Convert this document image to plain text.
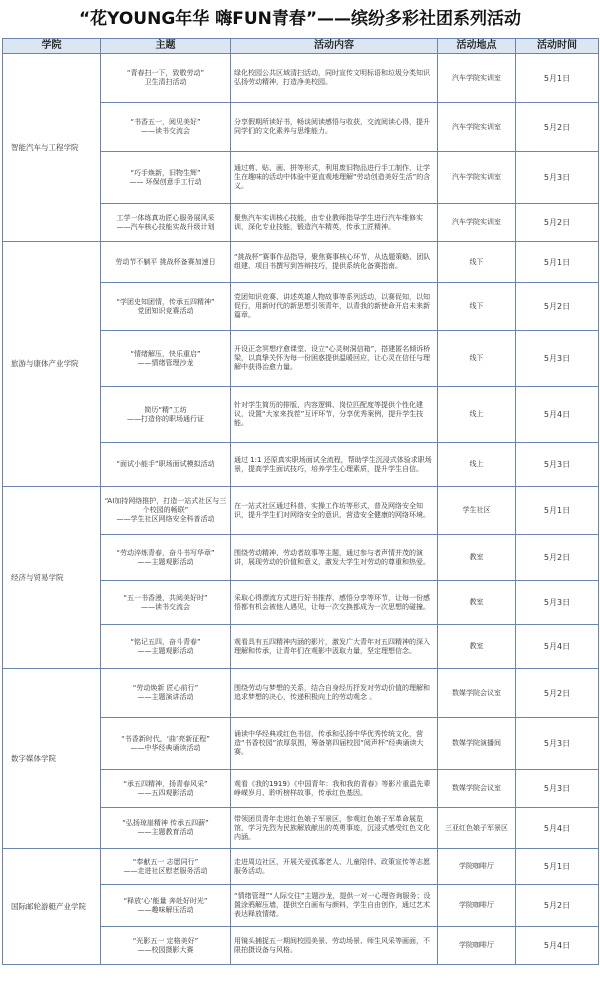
“花YOUNG年华 嗨FUN青春”——缤纷多彩社团系列活动
学院	主题	活动内容	活动地点	活动时间
智能汽车与工程学院	“青春扫一下，致敬劳动”
卫生清扫活动	绿化校园公共区域清扫活动，同时宣传文明标语和垃圾分类知识弘扬劳动精神，打造净美校园。	汽车学院实训室	5月1日

	“书香五一，阅见美好”
——读书交流会	分享假期所读好书，畅谈阅读感悟与收获，交流阅读心得，提升同学们的文化素养与思维能力。	汽车学院实训室	5月2日

	“巧手焕新，旧物生辉”
—— 环保创意手工行动	通过剪、贴、画、拼等形式，利用废旧物品进行手工制作，让学生在趣味的活动中体验中更直观地理解“劳动创造美好生活”的含义。	汽车学院实训室	5月3日

	工学一体练真功匠心服务展风采
——汽车核心技能实战升级计划	聚焦汽车实训核心技能，由专业教师指导学生进行汽车维修实训，深化专业技能，锻造汽车精英，传承工匠精神。	汽车学院实训室	5月2日
旅游与康体产业学院	劳动节不躺平 挑战杯备赛加速日	“挑战杯”赛事作品指导，聚焦赛事核心环节，从选题策略、团队组建、项目书撰写到答辩技巧，提供系统化备赛指南。	线下	5月1日

	“学团史知团情，传承五四精神”
党团知识竞赛活动	党团知识竞赛、讲述英雄人物故事等系列活动，以赛促知，以知促行，用新时代的新思想引领青年，以青我的新使命开启未来新篇章。	线下	5月2日

	“情绪解压，快乐重启”
——情绪管理沙龙	开设正念冥想疗愈课堂、设立“心灵树洞信箱”，搭建匿名倾诉桥梁，以真挚关怀为每一份困惑提供温暖回应，让心灵在信任与理解中获得治愈力量。	线下	5月3日

	简历“精”工坊
——打造你的职场通行证	针对学生简历的排版、内容逻辑、岗位匹配度等提供个性化建议，设置“大家来找茬”互评环节，分享优秀案例，提升学生技能。	线上	5月4日

	“面试小能手”职场面试模拟活动	通过 1:1 还原真实职场面试全流程，帮助学生沉浸式体验求职场景，提高学生面试技巧，培养学生心理素质，提升学生自信。	线上	5月3日
经济与贸易学院	“AI加持网络推护，打造一站式社区与三个校园的畅联”
——学生社区网络安全科普活动	在一站式社区通过科普、实操工作坊等形式，普及网络安全知识，提升学生们对网络安全的意识，营造安全健康的网络环境。	学生社区	5月1日

	“劳动淬炼青春，奋斗书写华章”
——主题观影活动	围绕劳动精神、劳动者故事等主题，通过参与者声情并茂的演讲，展现劳动的价值和意义，激发大学生对劳动的尊重和热爱。	教室	5月2日

	“五一书香漫，共阅美好时”
——读书交流会	采取心得漂流方式进行好书推荐、感悟分享等环节，让每一份感悟都有机会被他人遇见，让每一次交换都成为一次思想的碰撞。	教室	5月3日

	“铭记五四，奋斗青春”
——主题观影活动	观看具有五四精神内涵的影片，激发广大青年对五四精神的深入理解和传承，让青年们在观影中汲取力量，坚定理想信念。	教室	5月4日
数字媒体学院	“劳动焕新 匠心前行”
——主题演讲活动	围绕劳动与梦想的关系，结合自身经历抒发对劳动价值的理解和追求梦想的决心，传递积极向上的劳动观念 。	数媒学院会议室	5月2日

	“书香新时代，‘曲’亮新征程”
——中华经典诵读活动	诵读中华经典或红色书信，传承和弘扬中华优秀传统文化，营造“书香校园”浓厚氛围，筹备第四届校园“阅声杯”经典诵读大赛。	数媒学院演播间	5月3日

	“承五四精神，扬青春风采”
——五四观影活动	观看《我的1919》《中国青年：我和我的青春》等影片重温先辈峥嵘岁月、聆听榜样故事，传承红色基因。	数媒学院会议室	5月3日

	“弘扬琼崖精神 传承五四薪”
——主题教育活动	带领团员青年走进红色娘子军景区，参观红色娘子军革命展览馆，学习先烈为民族解放献出的英勇事迹，沉浸式感受红色文化内涵。	三亚红色娘子军景区	5月4日
国际邮轮游艇产业学院	“奉献五一 志愿同行”
——走进社区慰老服务活动	走进周边社区，开展关爱孤寡老人、儿童陪伴、政策宣传等志愿服务活动。	学院咖啡厅	5月1日

	“释放‘心’能量 奔赴好时光”
——趣味解压活动	“情绪管理”“人际交往”主题沙龙，提供一对一心理咨询服务；设置涂鸦解压墙，提供空白画布与颜料，学生自由创作，通过艺术表达释放情绪。	学院咖啡厅	5月2日

	“光影五一 定格美好”
——校园摄影大赛	用镜头捕捉五一期间校园美景、劳动场景、师生风采等画面，不限拍摄设备与风格。	学院咖啡厅	5月4日
